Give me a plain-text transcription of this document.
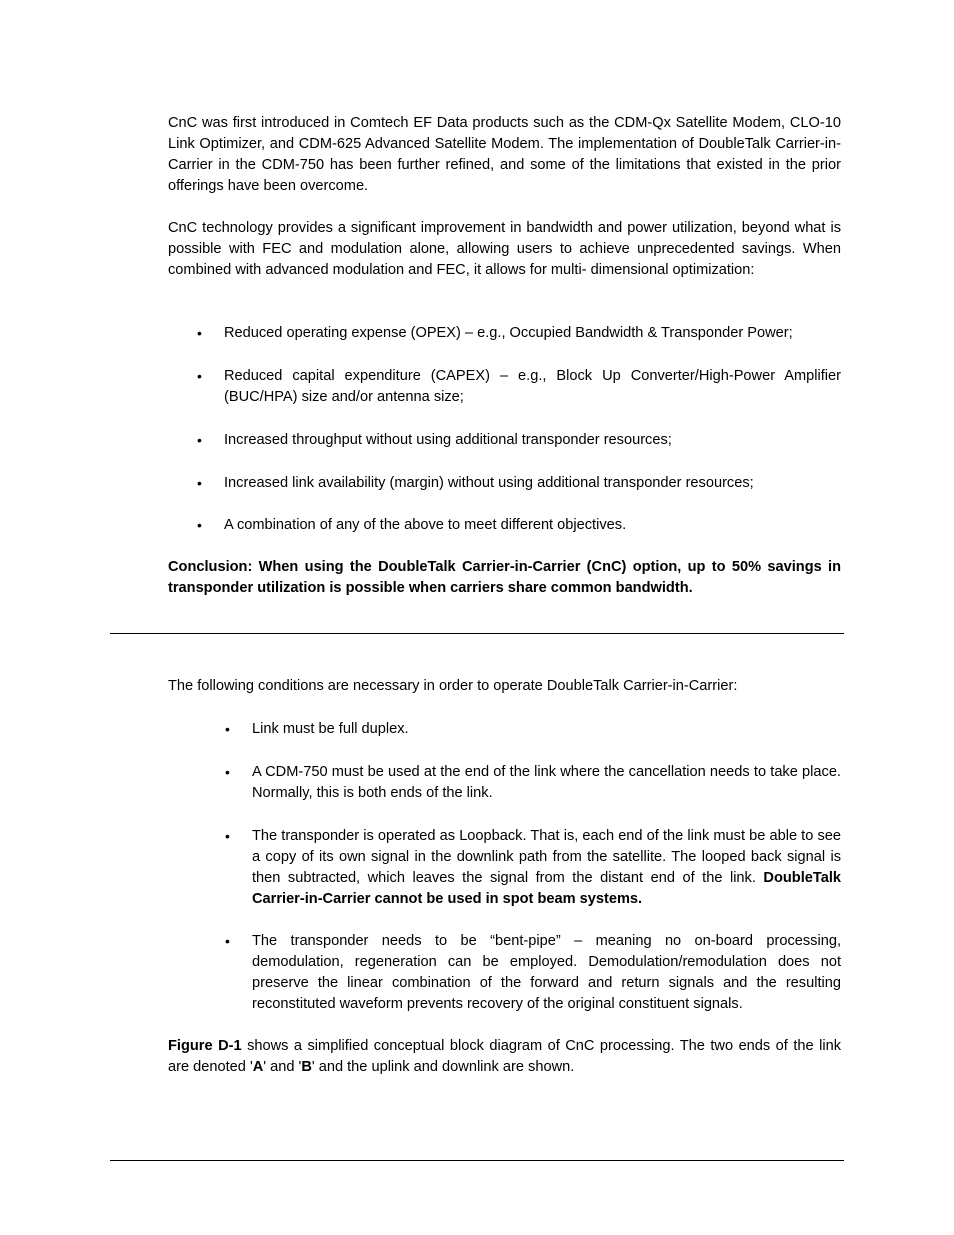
CnC was first introduced in Comtech EF Data products such as the CDM-Qx Satellite Modem, CLO-10 Link Optimizer, and CDM-625 Advanced Satellite Modem. The implementation of DoubleTalk Carrier-in-Carrier in the CDM-750 has been further refined, and some of the limitations that existed in the prior offerings have been overcome.

CnC technology provides a significant improvement in bandwidth and power utilization, beyond what is possible with FEC and modulation alone, allowing users to achieve unprecedented savings. When combined with advanced modulation and FEC, it allows for multi- dimensional optimization:

• Reduced operating expense (OPEX) – e.g., Occupied Bandwidth & Transponder Power;

• Reduced capital expenditure (CAPEX) – e.g., Block Up Converter/High-Power Amplifier (BUC/HPA) size and/or antenna size;

• Increased throughput without using additional transponder resources;

• Increased link availability (margin) without using additional transponder resources;

• A combination of any of the above to meet different objectives.

Conclusion: When using the DoubleTalk Carrier-in-Carrier (CnC) option, up to 50% savings in transponder utilization is possible when carriers share common bandwidth.

The following conditions are necessary in order to operate DoubleTalk Carrier-in-Carrier:

• Link must be full duplex.

• A CDM-750 must be used at the end of the link where the cancellation needs to take place. Normally, this is both ends of the link.

• The transponder is operated as Loopback. That is, each end of the link must be able to see a copy of its own signal in the downlink path from the satellite. The looped back signal is then subtracted, which leaves the signal from the distant end of the link. DoubleTalk Carrier-in-Carrier cannot be used in spot beam systems.

• The transponder needs to be “bent-pipe” – meaning no on-board processing, demodulation, regeneration can be employed. Demodulation/remodulation does not preserve the linear combination of the forward and return signals and the resulting reconstituted waveform prevents recovery of the original constituent signals.

Figure D-1 shows a simplified conceptual block diagram of CnC processing. The two ends of the link are denoted 'A' and 'B' and the uplink and downlink are shown.
